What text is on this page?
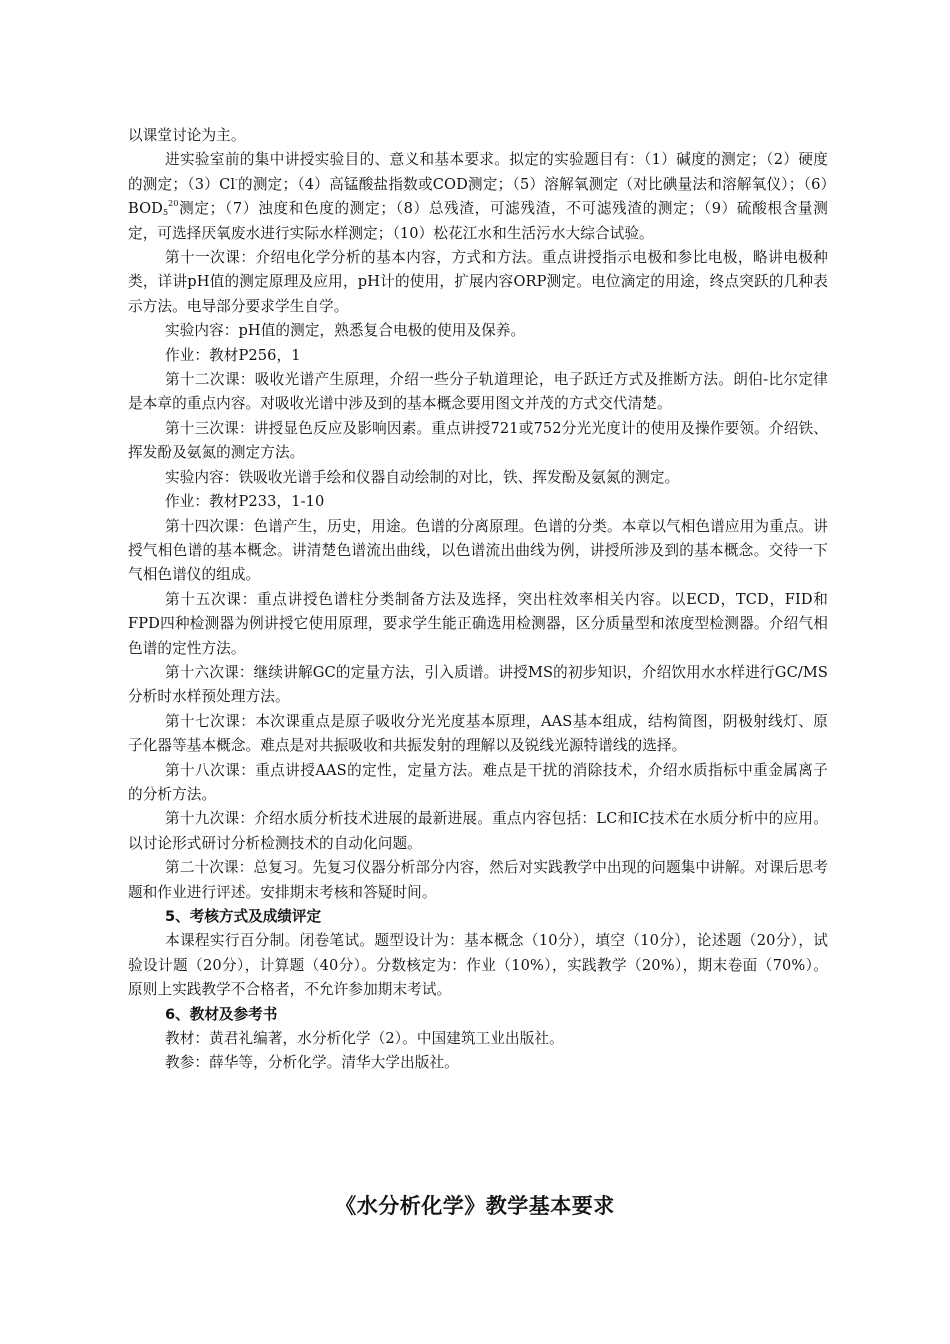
以课堂讨论为主。

进实验室前的集中讲授实验目的、意义和基本要求。拟定的实验题目有：（1）碱度的测定；（2）硬度的测定；（3）Cl-的测定；（4）高锰酸盐指数或COD测定；（5）溶解氧测定（对比碘量法和溶解氧仪）；$(6)BOD_5^{20}$测定；（7）浊度和色度的测定；（8）总残渣，可滤残渣，不可滤残渣的测定；（9）硫酸根含量测定，可选择厌氧废水进行实际水样测定；（10）松花江水和生活污水大综合试验。

第十一次课：介绍电化学分析的基本内容，方式和方法。重点讲授指示电极和参比电极，略讲电极种类，详讲pH值的测定原理及应用，pH计的使用，扩展内容ORP测定。电位滴定的用途，终点突跃的几种表示方法。电导部分要求学生自学。

实验内容：pH值的测定，熟悉复合电极的使用及保养。

作业：教材P256，1

第十二次课：吸收光谱产生原理，介绍一些分子轨道理论，电子跃迁方式及推断方法。朗伯-比尔定律是本章的重点内容。对吸收光谱中涉及到的基本概念要用图文并茂的方式交代清楚。

第十三次课：讲授显色反应及影响因素。重点讲授721或752分光光度计的使用及操作要领。介绍铁、挥发酚及氨氮的测定方法。

实验内容：铁吸收光谱手绘和仪器自动绘制的对比，铁、挥发酚及氨氮的测定。

作业：教材P233，1-10

第十四次课：色谱产生，历史，用途。色谱的分离原理。色谱的分类。本章以气相色谱应用为重点。讲授气相色谱的基本概念。讲清楚色谱流出曲线，以色谱流出曲线为例，讲授所涉及到的基本概念。交待一下气相色谱仪的组成。

第十五次课：重点讲授色谱柱分类制备方法及选择，突出柱效率相关内容。以ECD，TCD，FID和FPD四种检测器为例讲授它使用原理，要求学生能正确选用检测器，区分质量型和浓度型检测器。介绍气相色谱的定性方法。

第十六次课：继续讲解GC的定量方法，引入质谱。讲授MS的初步知识，介绍饮用水水样进行GC/MS分析时水样预处理方法。

第十七次课：本次课重点是原子吸收分光光度基本原理，AAS基本组成，结构简图，阴极射线灯、原子化器等基本概念。难点是对共振吸收和共振发射的理解以及锐线光源特谱线的选择。

第十八次课：重点讲授AAS的定性，定量方法。难点是干扰的消除技术，介绍水质指标中重金属离子的分析方法。

第十九次课：介绍水质分析技术进展的最新进展。重点内容包括：LC和IC技术在水质分析中的应用。以讨论形式研讨分析检测技术的自动化问题。

第二十次课：总复习。先复习仪器分析部分内容，然后对实践教学中出现的问题集中讲解。对课后思考题和作业进行评述。安排期末考核和答疑时间。

5、考核方式及成绩评定

本课程实行百分制。闭卷笔试。题型设计为：基本概念（10分），填空（10分），论述题（20分），试验设计题（20分），计算题（40分）。分数核定为：作业（10%），实践教学（20%），期末卷面（70%）。原则上实践教学不合格者，不允许参加期末考试。

6、教材及参考书

教材：黄君礼编著，水分析化学（2）。中国建筑工业出版社。

教参：薛华等，分析化学。清华大学出版社。

《水分析化学》教学基本要求
